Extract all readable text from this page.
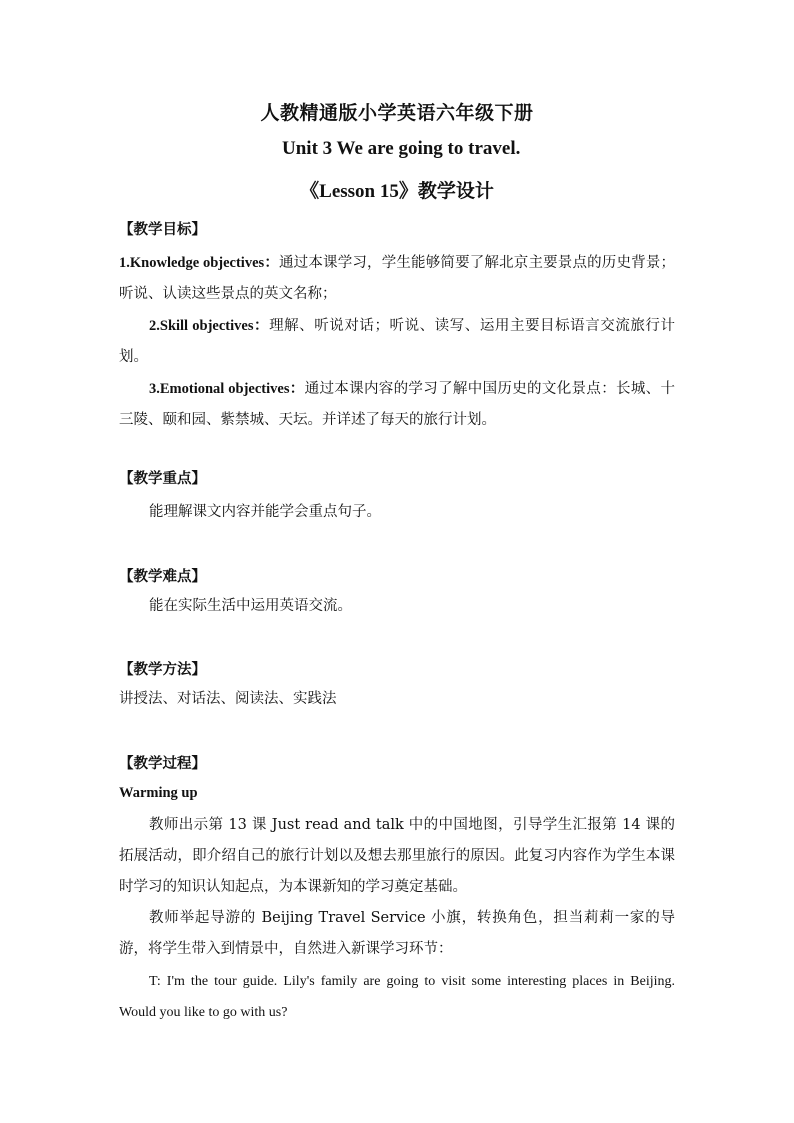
人教精通版小学英语六年级下册
Unit 3 We are going to travel.
《Lesson 15》教学设计
【教学目标】
1.Knowledge objectives：通过本课学习，学生能够简要了解北京主要景点的历史背景；听说、认读这些景点的英文名称；
2.Skill objectives：理解、听说对话；听说、读写、运用主要目标语言交流旅行计划。
3.Emotional objectives：通过本课内容的学习了解中国历史的文化景点：长城、十三陵、颐和园、紫禁城、天坛。并详述了每天的旅行计划。
【教学重点】
能理解课文内容并能学会重点句子。
【教学难点】
能在实际生活中运用英语交流。
【教学方法】
讲授法、对话法、阅读法、实践法
【教学过程】
Warming up
教师出示第 13 课 Just read and talk 中的中国地图，引导学生汇报第 14 课的拓展活动，即介绍自己的旅行计划以及想去那里旅行的原因。此复习内容作为学生本课时学习的知识认知起点，为本课新知的学习奠定基础。
教师举起导游的 Beijing Travel Service 小旗，转换角色，担当莉莉一家的导游，将学生带入到情景中，自然进入新课学习环节：
T: I'm the tour guide. Lily's family are going to visit some interesting places in Beijing. Would you like to go with us?
